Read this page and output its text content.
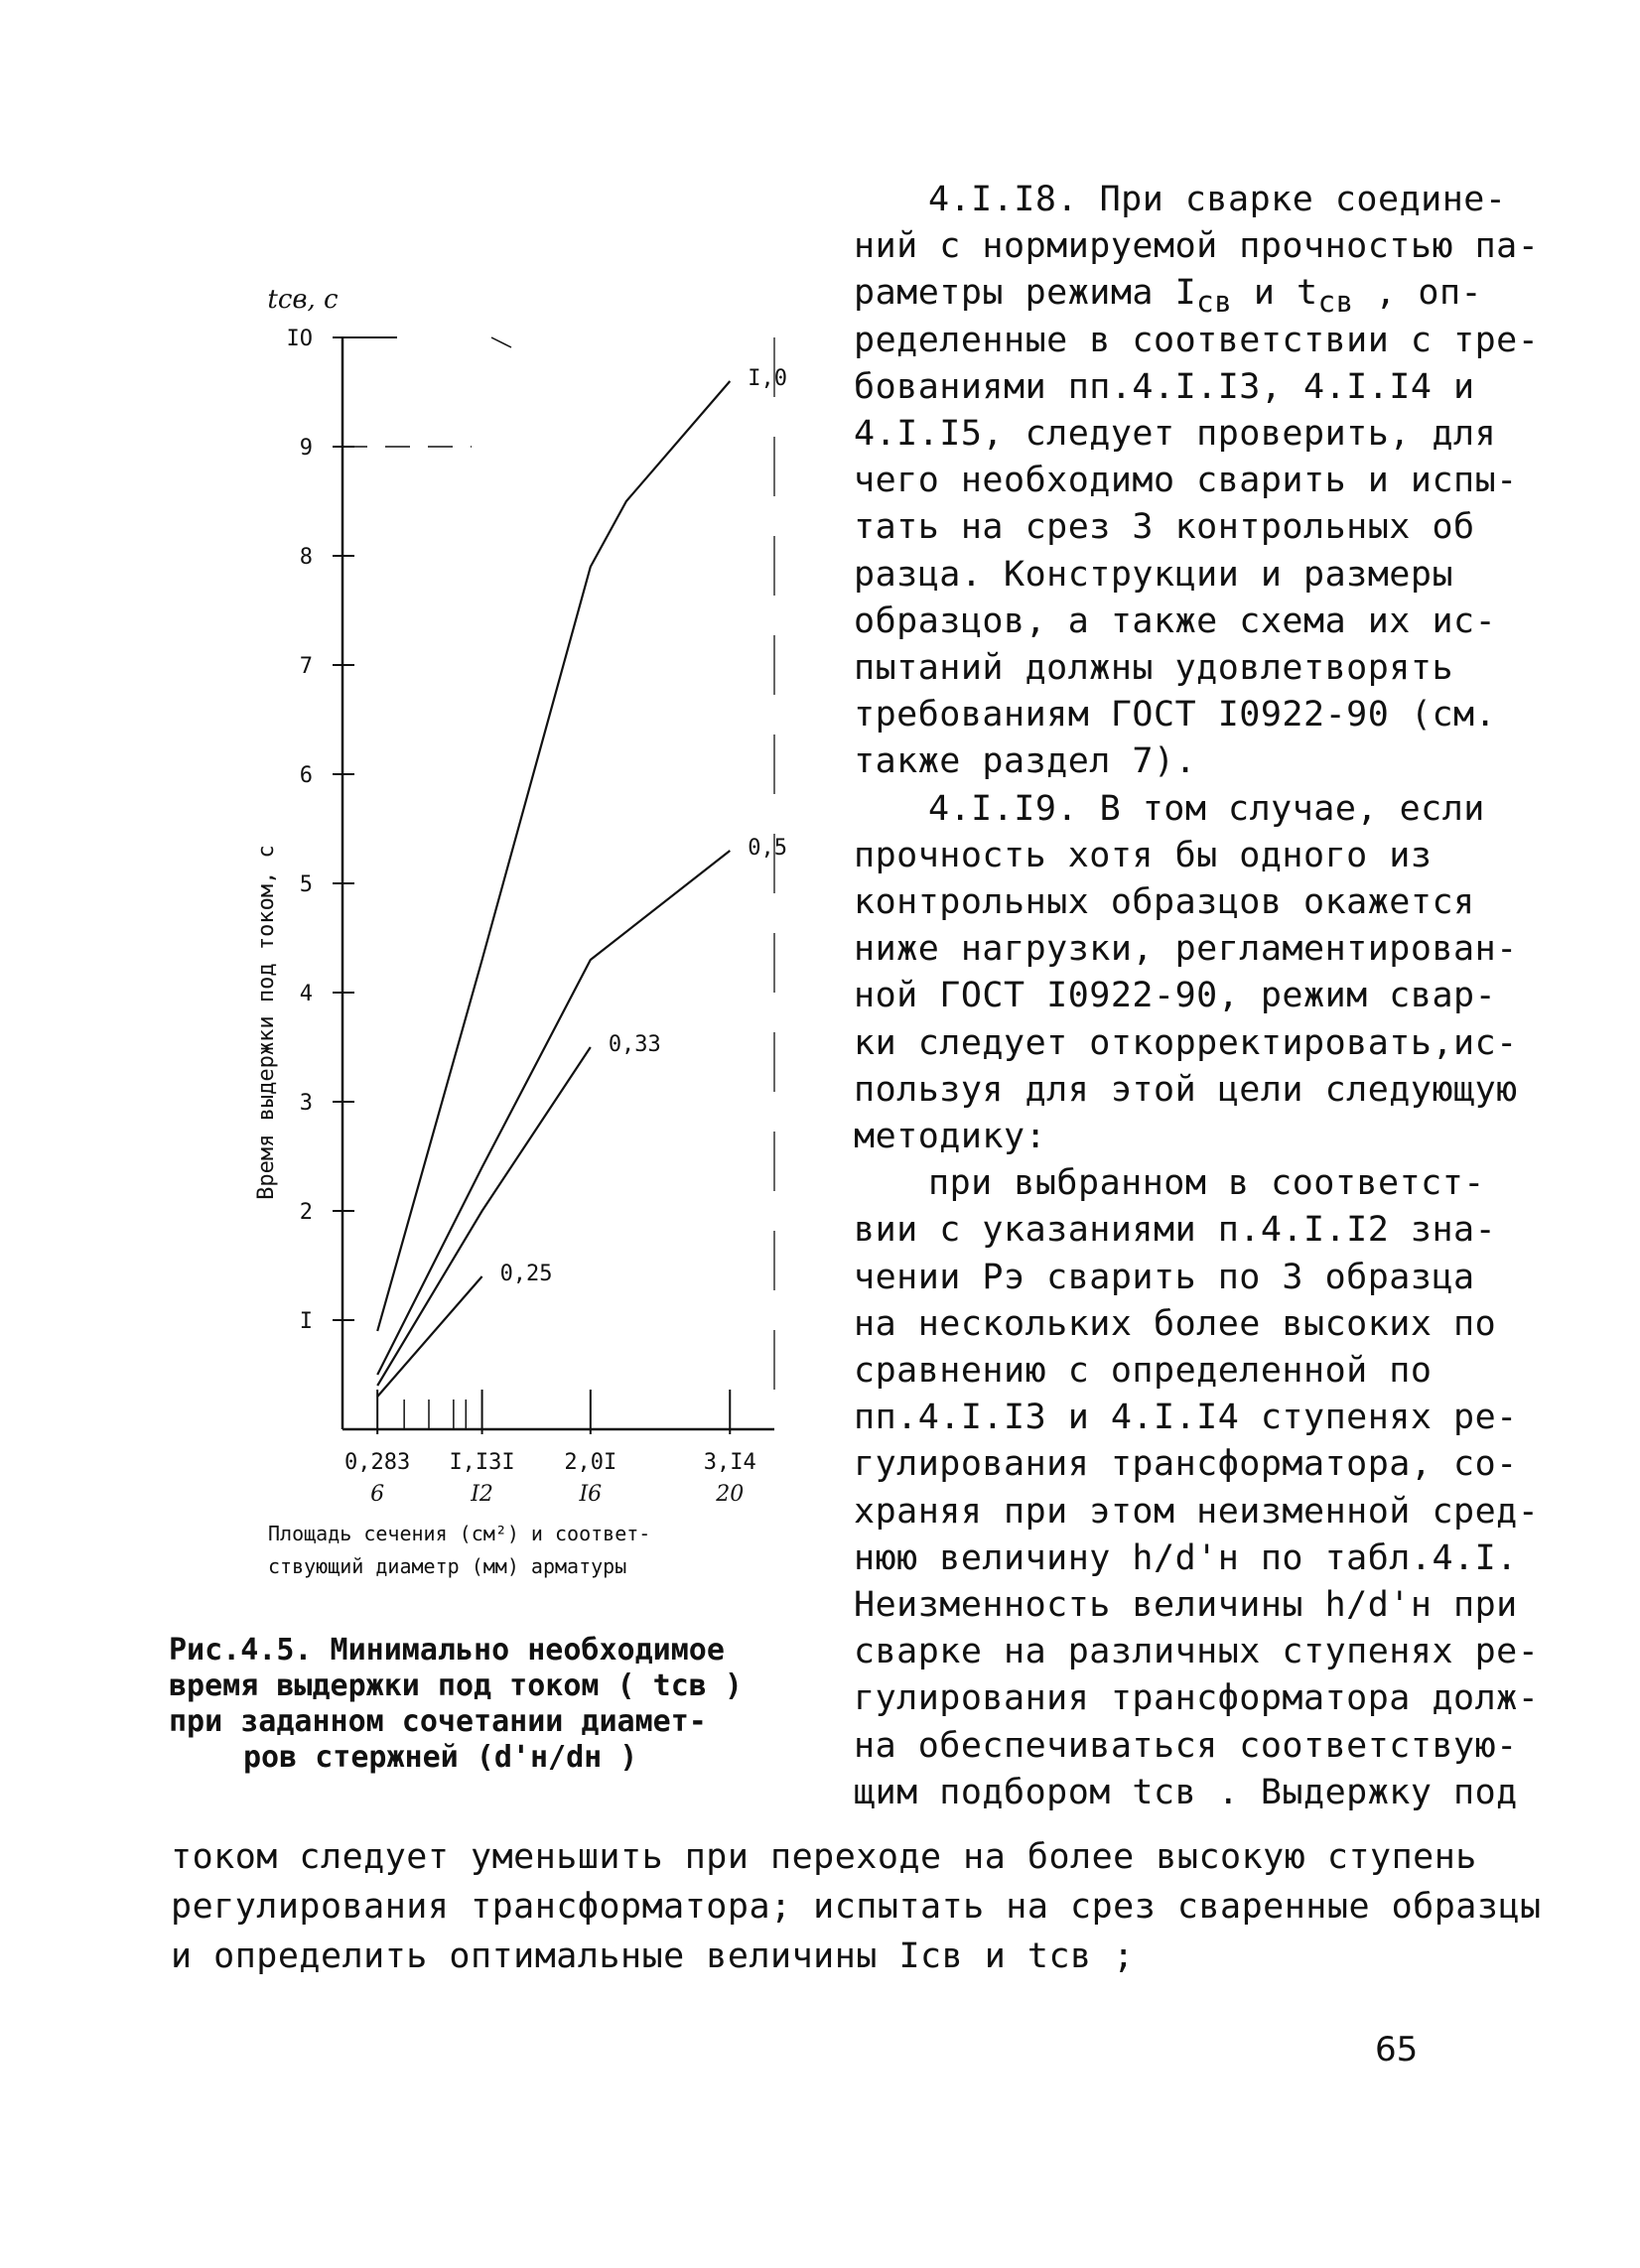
IO
9
8
7
6
5
4
3
2
I
0,283
6
I,I3I
I2
2,0I
I6
3,I4
20
I,0
0,5
0,33
0,25
tсв, с
Время выдержки под током, с
Площадь сечения (см²) и соответ-
ствующий диаметр (мм) арматуры
Рис.4.5. Минимально необходимое
время выдержки под током ( tсв )
при заданном сочетании диамет-
ров стержней (d'н/dн )
4.I.I8. При сварке соедине-
ний с нормируемой прочностью па-
раметры режима $I_{св}$ и $t_{св}$ , оп-
ределенные в соответствии с тре-
бованиями пп.4.I.I3, 4.I.I4 и
4.I.I5, следует проверить, для
чего необходимо сварить и испы-
тать на срез 3 контрольных об
разца. Конструкции и размеры
образцов, а также схема их ис-
пытаний должны удовлетворять
требованиям ГОСТ I0922-90 (см.
также раздел 7).
4.I.I9. В том случае, если
прочность хотя бы одного из
контрольных образцов окажется
ниже нагрузки, регламентирован-
ной ГОСТ I0922-90, режим свар-
ки следует откорректировать,ис-
пользуя для этой цели следующую
методику:
при выбранном в соответст-
вии с указаниями п.4.I.I2 зна-
чении Рэ сварить по 3 образца
на нескольких более высоких по
сравнению с определенной по
пп.4.I.I3 и 4.I.I4 ступенях ре-
гулирования трансформатора, со-
храняя при этом неизменной сред-
нюю величину h/d'н по табл.4.I.
Неизменность величины h/d'н при
сварке на различных ступенях ре-
гулирования трансформатора долж-
на обеспечиваться соответствую-
щим подбором tсв . Выдержку под
током следует уменьшить при переходе на более высокую ступень
регулирования трансформатора; испытать на срез сваренные образцы
и определить оптимальные величины Iсв и tсв ;
65
